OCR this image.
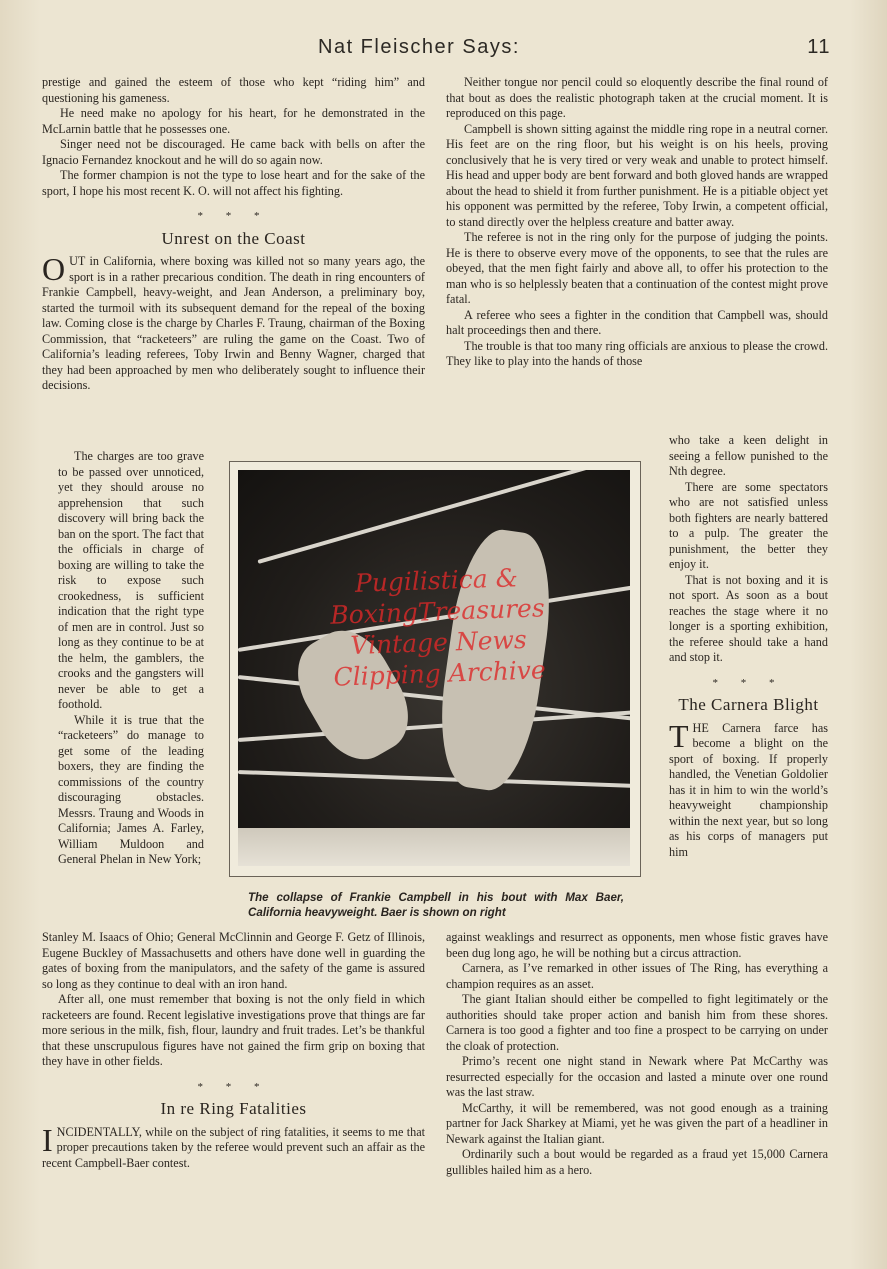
Nat Fleischer Says:	11

prestige and gained the esteem of those who kept “riding him” and questioning his gameness.

He need make no apology for his heart, for he demonstrated in the McLarnin battle that he possesses one.

Singer need not be discouraged. He came back with bells on after the Ignacio Fernandez knockout and he will do so again now.

The former champion is not the type to lose heart and for the sake of the sport, I hope his most recent K. O. will not affect his fighting.

* * *
Unrest on the Coast

OUT in California, where boxing was killed not so many years ago, the sport is in a rather precarious condition. The death in ring encounters of Frankie Campbell, heavy-weight, and Jean Anderson, a preliminary boy, started the turmoil with its subsequent demand for the repeal of the boxing law. Coming close is the charge by Charles F. Traung, chairman of the Boxing Commission, that “racketeers” are ruling the game on the Coast. Two of California’s leading referees, Toby Irwin and Benny Wagner, charged that they had been approached by men who deliberately sought to influence their decisions.

The charges are too grave to be passed over unnoticed, yet they should arouse no apprehension that such discovery will bring back the ban on the sport. The fact that the officials in charge of boxing are willing to take the risk to expose such crookedness, is sufficient indication that the right type of men are in control. Just so long as they continue to be at the helm, the gamblers, the crooks and the gangsters will never be able to get a foothold.

While it is true that the “racketeers” do manage to get some of the leading boxers, they are finding the commissions of the country discouraging obstacles. Messrs. Traung and Woods in California; James A. Farley, William Muldoon and General Phelan in New York;

Neither tongue nor pencil could so eloquently describe the final round of that bout as does the realistic photograph taken at the crucial moment. It is reproduced on this page.

Campbell is shown sitting against the middle ring rope in a neutral corner. His feet are on the ring floor, but his weight is on his heels, proving conclusively that he is very tired or very weak and unable to protect himself. His head and upper body are bent forward and both gloved hands are wrapped about the head to shield it from further punishment. He is a pitiable object yet his opponent was permitted by the referee, Toby Irwin, a competent official, to stand directly over the helpless creature and batter away.

The referee is not in the ring only for the purpose of judging the points. He is there to observe every move of the opponents, to see that the rules are obeyed, that the men fight fairly and above all, to offer his protection to the man who is so helplessly beaten that a continuation of the contest might prove fatal.

A referee who sees a fighter in the condition that Campbell was, should halt proceedings then and there.

The trouble is that too many ring officials are anxious to please the crowd. They like to play into the hands of those

who take a keen delight in seeing a fellow punished to the Nth degree.

There are some spectators who are not satisfied unless both fighters are nearly battered to a pulp. The greater the punishment, the better they enjoy it.

That is not boxing and it is not sport. As soon as a bout reaches the stage where it no longer is a sporting exhibition, the referee should take a hand and stop it.

* * *
The Carnera Blight

THE Carnera farce has become a blight on the sport of boxing. If properly handled, the Venetian Goldolier has it in him to win the world’s heavyweight championship within the next year, but so long as his corps of managers put him

Pugilistica &
BoxingTreasures
Vintage News
Clipping Archive
The collapse of Frankie Campbell in his bout with Max Baer, California heavyweight. Baer is shown on right

Stanley M. Isaacs of Ohio; General McClinnin and George F. Getz of Illinois, Eugene Buckley of Massachusetts and others have done well in guarding the gates of boxing from the manipulators, and the safety of the game is assured so long as they continue to deal with an iron hand.

After all, one must remember that boxing is not the only field in which racketeers are found. Recent legislative investigations prove that things are far more serious in the milk, fish, flour, laundry and fruit trades. Let’s be thankful that these unscrupulous figures have not gained the firm grip on boxing that they have in other fields.

* * *
In re Ring Fatalities

INCIDENTALLY, while on the subject of ring fatalities, it seems to me that proper precautions taken by the referee would prevent such an affair as the recent Campbell-Baer contest.

against weaklings and resurrect as opponents, men whose fistic graves have been dug long ago, he will be nothing but a circus attraction.

Carnera, as I’ve remarked in other issues of The Ring, has everything a champion requires as an asset.

The giant Italian should either be compelled to fight legitimately or the authorities should take proper action and banish him from these shores. Carnera is too good a fighter and too fine a prospect to be carrying on under the cloak of protection.

Primo’s recent one night stand in Newark where Pat McCarthy was resurrected especially for the occasion and lasted a minute over one round was the last straw.

McCarthy, it will be remembered, was not good enough as a training partner for Jack Sharkey at Miami, yet he was given the part of a headliner in Newark against the Italian giant.

Ordinarily such a bout would be regarded as a fraud yet 15,000 Carnera gullibles hailed him as a hero.
